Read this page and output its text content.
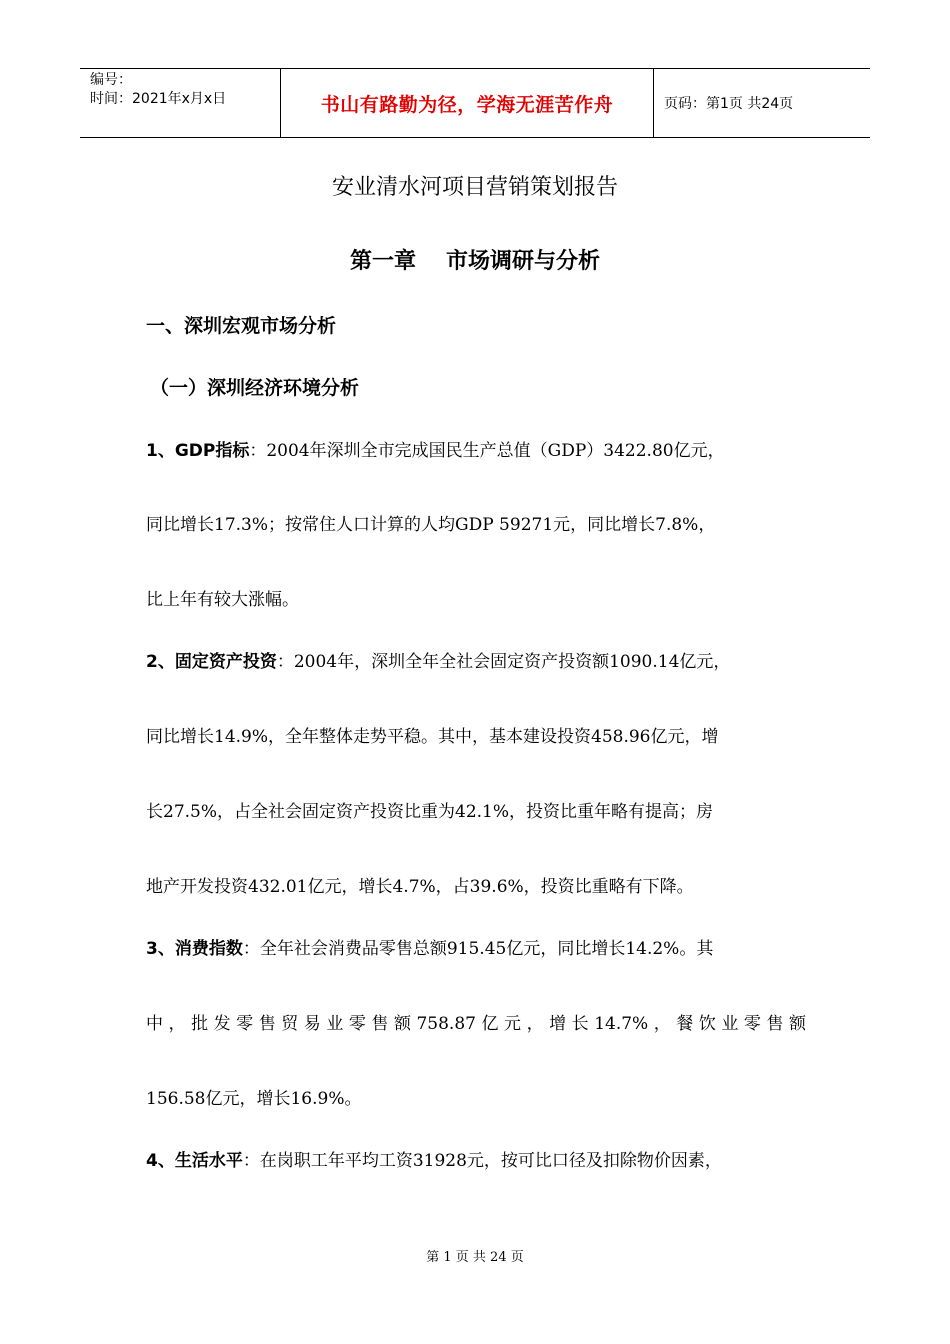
编号：
时间：2021年x月x日	书山有路勤为径，学海无涯苦作舟	页码：第1页 共24页
安业清水河项目营销策划报告
第一章 市场调研与分析
一、深圳宏观市场分析
（一）深圳经济环境分析
1、GDP指标：2004年深圳全市完成国民生产总值（GDP）3422.80亿元，
同比增长17.3%；按常住人口计算的人均GDP 59271元，同比增长7.8%，
比上年有较大涨幅。
2、固定资产投资：2004年，深圳全年全社会固定资产投资额1090.14亿元，
同比增长14.9%，全年整体走势平稳。其中，基本建设投资458.96亿元，增
长27.5%，占全社会固定资产投资比重为42.1%，投资比重年略有提高；房
地产开发投资432.01亿元，增长4.7%，占39.6%，投资比重略有下降。
3、消费指数：全年社会消费品零售总额915.45亿元，同比增长14.2%。其
中，批发零售贸易业零售额758.87亿元，增长14.7%，餐饮业零售额
156.58亿元，增长16.9%。
4、生活水平：在岗职工年平均工资31928元，按可比口径及扣除物价因素，
第 1 页 共 24 页
